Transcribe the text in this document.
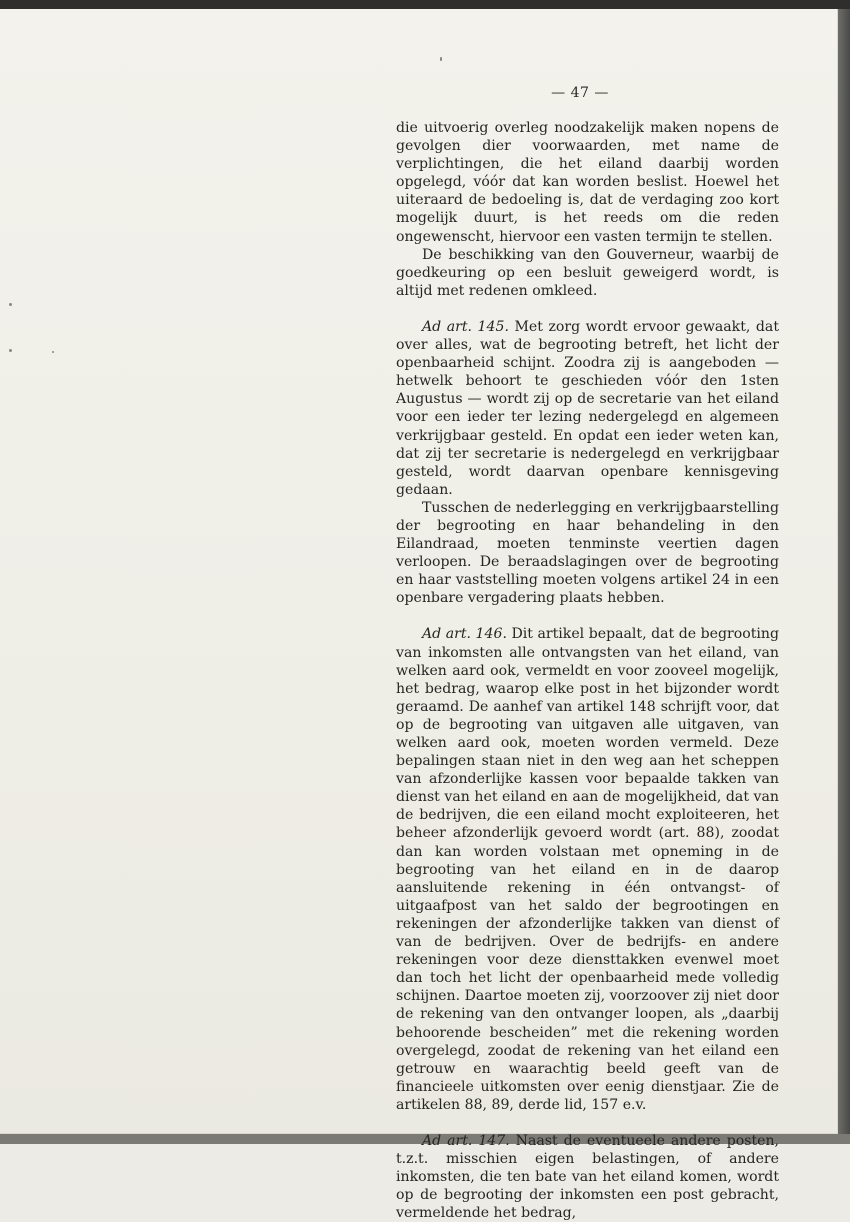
— 47 —

die uitvoerig overleg noodzakelijk maken nopens de gevolgen dier voorwaarden, met name de verplichtingen, die het eiland daarbij worden opgelegd, vóór dat kan worden beslist. Hoewel het uiteraard de bedoeling is, dat de verdaging zoo kort mogelijk duurt, is het reeds om die reden ongewenscht, hiervoor een vasten termijn te stellen.

De beschikking van den Gouverneur, waarbij de goedkeuring op een besluit geweigerd wordt, is altijd met redenen omkleed.

Ad art. 145. Met zorg wordt ervoor gewaakt, dat over alles, wat de begrooting betreft, het licht der openbaarheid schijnt. Zoodra zij is aangeboden — hetwelk behoort te geschieden vóór den 1sten Augustus — wordt zij op de secretarie van het eiland voor een ieder ter lezing nedergelegd en algemeen verkrijgbaar gesteld. En opdat een ieder weten kan, dat zij ter secretarie is nedergelegd en verkrijgbaar gesteld, wordt daarvan openbare kennisgeving gedaan.

Tusschen de nederlegging en verkrijgbaarstelling der begrooting en haar behandeling in den Eilandraad, moeten tenminste veertien dagen verloopen. De beraadslagingen over de begrooting en haar vaststelling moeten volgens artikel 24 in een openbare vergadering plaats hebben.

Ad art. 146. Dit artikel bepaalt, dat de begrooting van inkomsten alle ontvangsten van het eiland, van welken aard ook, vermeldt en voor zooveel mogelijk, het bedrag, waarop elke post in het bijzonder wordt geraamd. De aanhef van artikel 148 schrijft voor, dat op de begrooting van uitgaven alle uitgaven, van welken aard ook, moeten worden vermeld. Deze bepalingen staan niet in den weg aan het scheppen van afzonderlijke kassen voor bepaalde takken van dienst van het eiland en aan de mogelijkheid, dat van de bedrijven, die een eiland mocht exploiteeren, het beheer afzonderlijk gevoerd wordt (art. 88), zoodat dan kan worden volstaan met opneming in de begrooting van het eiland en in de daarop aansluitende rekening in één ontvangst- of uitgaafpost van het saldo der begrootingen en rekeningen der afzonderlijke takken van dienst of van de bedrijven. Over de bedrijfs- en andere rekeningen voor deze diensttakken evenwel moet dan toch het licht der openbaarheid mede volledig schijnen. Daartoe moeten zij, voorzoover zij niet door de rekening van den ontvanger loopen, als „daarbij behoorende bescheiden” met die rekening worden overgelegd, zoodat de rekening van het eiland een getrouw en waarachtig beeld geeft van de financieele uitkomsten over eenig dienstjaar. Zie de artikelen 88, 89, derde lid, 157 e.v.

Ad art. 147. Naast de eventueele andere posten, t.z.t. misschien eigen belastingen, of andere inkomsten, die ten bate van het eiland komen, wordt op de begrooting der inkomsten een post gebracht, vermeldende het bedrag,
